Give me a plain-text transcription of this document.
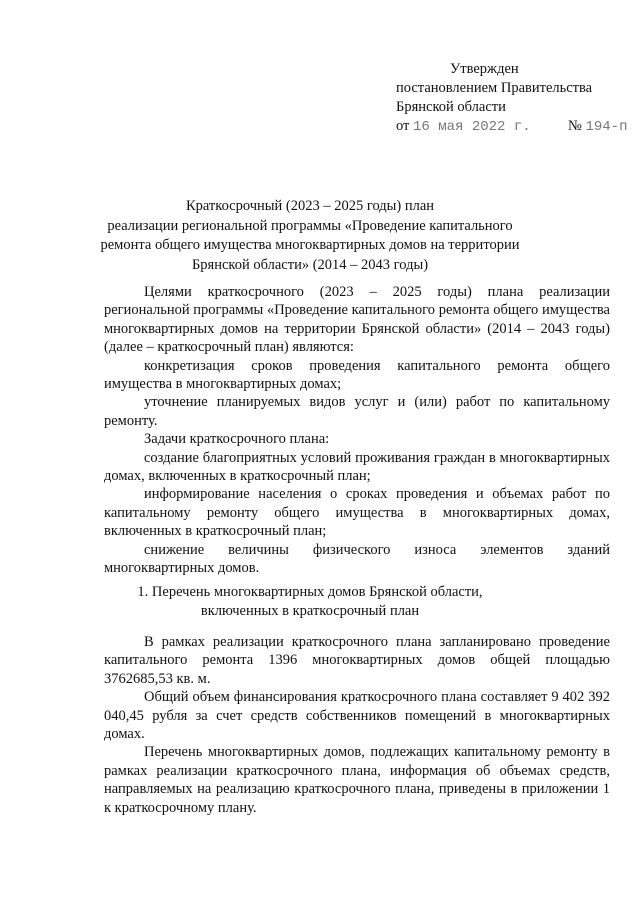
Утвержден
постановлением Правительства
Брянской области
от 16 мая 2022 г.	№ 194-п
Краткосрочный (2023 – 2025 годы) план
реализации региональной программы «Проведение капитального
ремонта общего имущества многоквартирных домов на территории
Брянской области» (2014 – 2043 годы)

Целями краткосрочного (2023 – 2025 годы) плана реализации региональной программы «Проведение капитального ремонта общего имущества многоквартирных домов на территории Брянской области» (2014 – 2043 годы) (далее – краткосрочный план) являются:

конкретизация сроков проведения капитального ремонта общего имущества в многоквартирных домах;

уточнение планируемых видов услуг и (или) работ по капитальному ремонту.

Задачи краткосрочного плана:

создание благоприятных условий проживания граждан в многоквартирных домах, включенных в краткосрочный план;

информирование населения о сроках проведения и объемах работ по капитальному ремонту общего имущества в многоквартирных домах, включенных в краткосрочный план;

снижение величины физического износа элементов зданий многоквартирных домов.

1. Перечень многоквартирных домов Брянской области,
включенных в краткосрочный план

В рамках реализации краткосрочного плана запланировано проведение капитального ремонта 1396 многоквартирных домов общей площадью 3762685,53 кв. м.

Общий объем финансирования краткосрочного плана составляет 9 402 392 040,45 рубля за счет средств собственников помещений в многоквартирных домах.

Перечень многоквартирных домов, подлежащих капитальному ремонту в рамках реализации краткосрочного плана, информация об объемах средств, направляемых на реализацию краткосрочного плана, приведены в приложении 1 к краткосрочному плану.
